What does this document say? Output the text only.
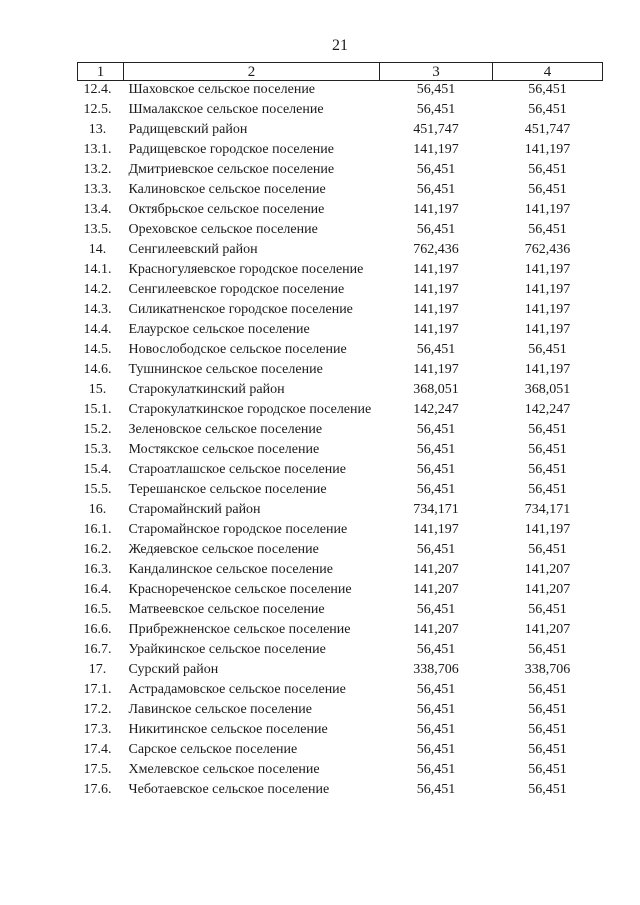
21
1	2	3	4
12.4.	Шаховское сельское поселение	56,451	56,451
12.5.	Шмалакское сельское поселение	56,451	56,451
13.	Радищевский район	451,747	451,747
13.1.	Радищевское городское поселение	141,197	141,197
13.2.	Дмитриевское сельское поселение	56,451	56,451
13.3.	Калиновское сельское поселение	56,451	56,451
13.4.	Октябрьское сельское поселение	141,197	141,197
13.5.	Ореховское сельское поселение	56,451	56,451
14.	Сенгилеевский район	762,436	762,436
14.1.	Красногуляевское городское поселение	141,197	141,197
14.2.	Сенгилеевское городское поселение	141,197	141,197
14.3.	Силикатненское городское поселение	141,197	141,197
14.4.	Елаурское сельское поселение	141,197	141,197
14.5.	Новослободское сельское поселение	56,451	56,451
14.6.	Тушнинское сельское поселение	141,197	141,197
15.	Старокулаткинский район	368,051	368,051
15.1.	Старокулаткинское городское поселение	142,247	142,247
15.2.	Зеленовское сельское поселение	56,451	56,451
15.3.	Мостякское сельское поселение	56,451	56,451
15.4.	Староатлашское сельское поселение	56,451	56,451
15.5.	Терешанское сельское поселение	56,451	56,451
16.	Старомайнский район	734,171	734,171
16.1.	Старомайнское городское поселение	141,197	141,197
16.2.	Жедяевское сельское поселение	56,451	56,451
16.3.	Кандалинское сельское поселение	141,207	141,207
16.4.	Краснореченское сельское поселение	141,207	141,207
16.5.	Матвеевское сельское поселение	56,451	56,451
16.6.	Прибрежненское сельское поселение	141,207	141,207
16.7.	Урайкинское сельское поселение	56,451	56,451
17.	Сурский район	338,706	338,706
17.1.	Астрадамовское сельское поселение	56,451	56,451
17.2.	Лавинское сельское поселение	56,451	56,451
17.3.	Никитинское сельское поселение	56,451	56,451
17.4.	Сарское сельское поселение	56,451	56,451
17.5.	Хмелевское сельское поселение	56,451	56,451
17.6.	Чеботаевское сельское поселение	56,451	56,451
